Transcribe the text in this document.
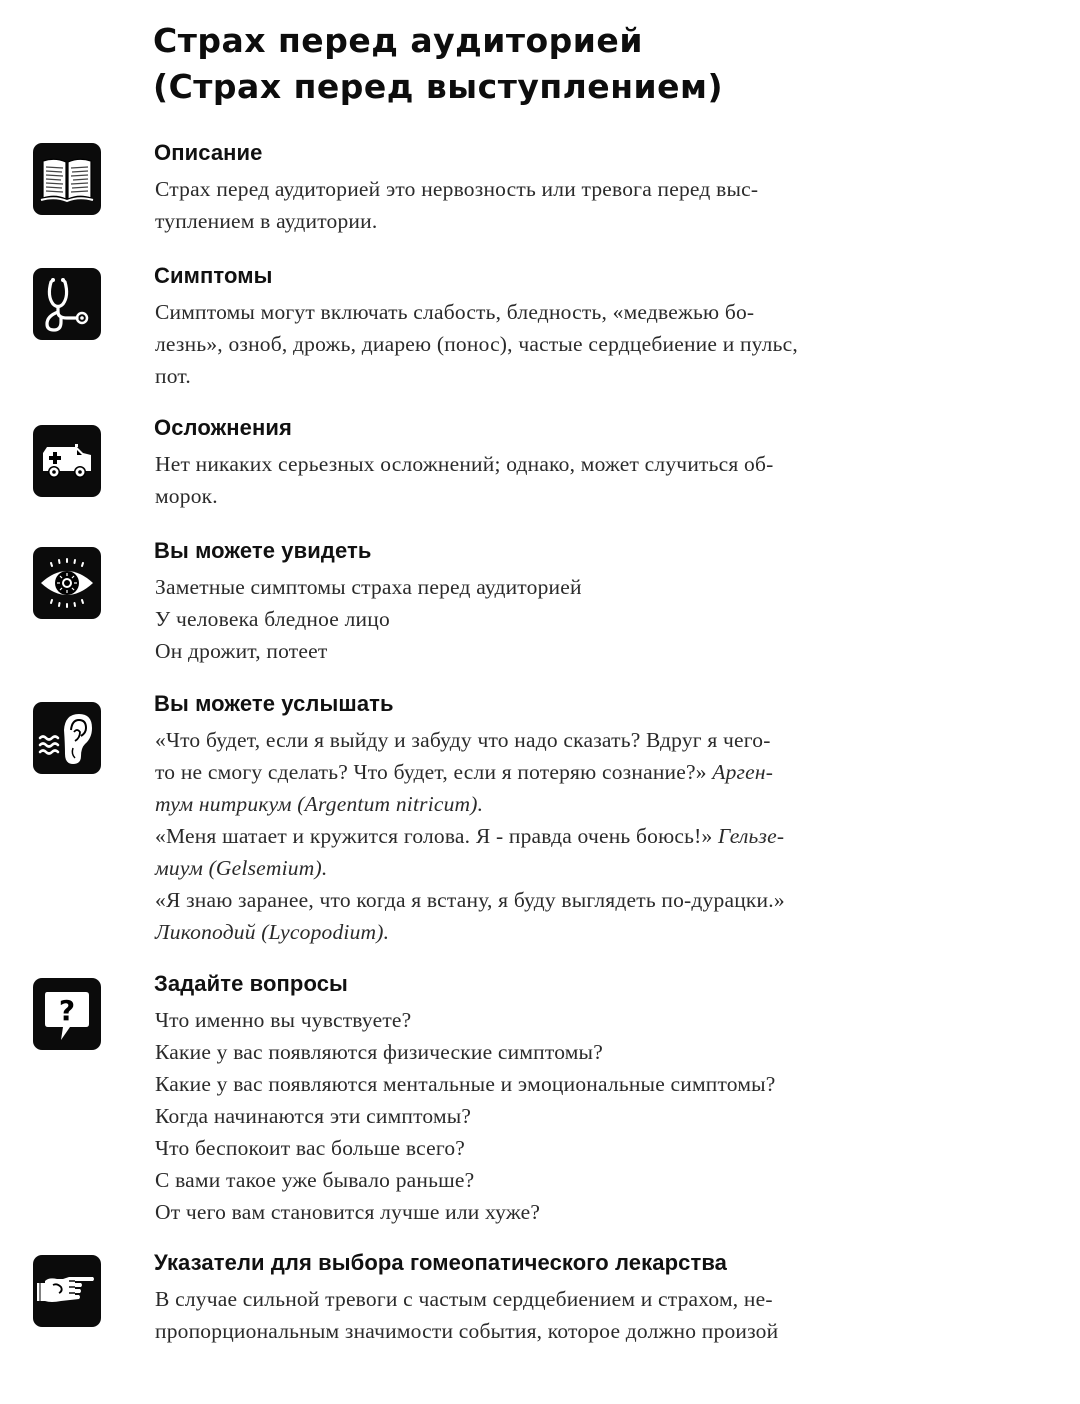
Страх перед аудиторией
(Страх перед выступлением)
Описание
Страх перед аудиторией это нервозность или тревога перед выс-
туплением в аудитории.
Симптомы
Симптомы могут включать слабость, бледность, «медвежью бо-
лезнь», озноб, дрожь, диарею (понос), частые сердцебиение и пульс,
пот.
Осложнения
Нет никаких серьезных осложнений; однако, может случиться об-
морок.
Вы можете увидеть
Заметные симптомы страха перед аудиторией
У человека бледное лицо
Он дрожит, потеет
Вы можете услышать
«Что будет, если я выйду и забуду что надо сказать? Вдруг я чего-
то не смогу сделать? Что будет, если я потеряю сознание?» Арген-
тум нитрикум (Argentum nitricum).
«Меня шатает и кружится голова. Я - правда очень боюсь!» Гельзе-
миум (Gelsemium).
«Я знаю заранее, что когда я встану, я буду выглядеть по-дурацки.»
Ликоподий (Lycopodium).
?
Задайте вопросы
Что именно вы чувствуете?
Какие у вас появляются физические симптомы?
Какие у вас появляются ментальные и эмоциональные симптомы?
Когда начинаются эти симптомы?
Что беспокоит вас больше всего?
С вами такое уже бывало раньше?
От чего вам становится лучше или хуже?
Указатели для выбора гомеопатического лекарства
В случае сильной тревоги с частым сердцебиением и страхом, не-
пропорциональным значимости события, которое должно произой
